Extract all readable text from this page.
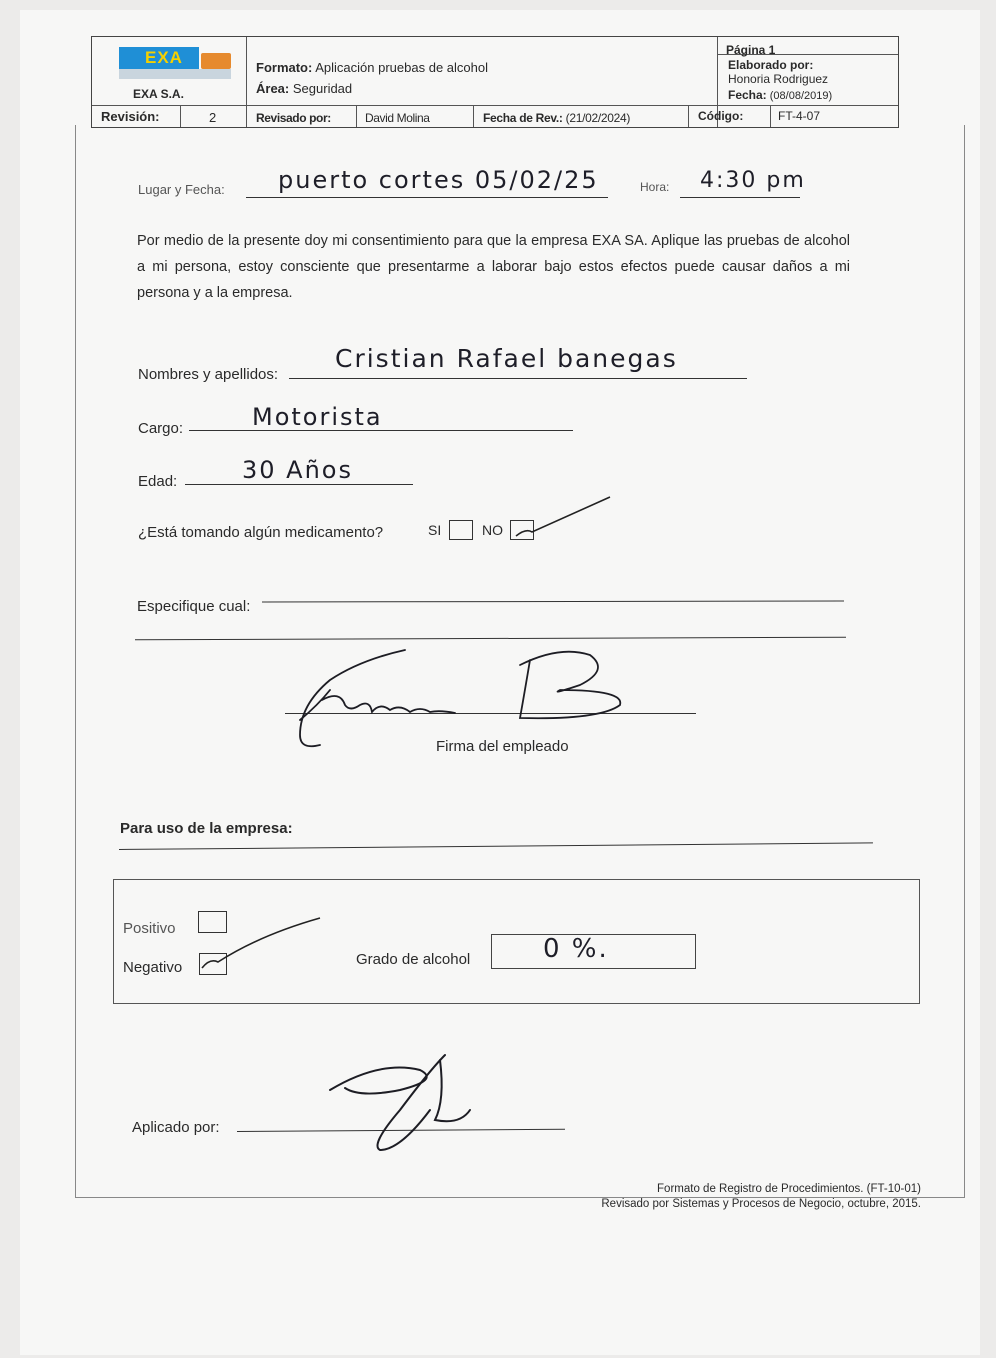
EXA
EXA S.A.
Formato: Aplicación pruebas de alcohol
Área: Seguridad
Página 1
Elaborado por:
Honoria Rodriguez
Fecha: (08/08/2019)
Revisión:	2	Revisado por:	David Molina	Fecha de Rev.: (21/02/2024)	Código:	FT-4-07
Lugar y Fecha: puerto cortes 05/02/25	Hora: 4:30 pm
Por medio de la presente doy mi consentimiento para que la empresa EXA SA. Aplique las pruebas de alcohol a mi persona, estoy consciente que presentarme a laborar bajo estos efectos puede causar daños a mi persona y a la empresa.
Nombres y apellidos:
Cristian Rafael banegas
Cargo:	Motorista
Edad:	30 Años
¿Está tomando algún medicamento?	SI	NO
Especifique cual:
Firma del empleado
Para uso de la empresa:
Positivo
Negativo	Grado de alcohol	0 %.
Aplicado por:
Formato de Registro de Procedimientos. (FT-10-01)
Revisado por Sistemas y Procesos de Negocio, octubre, 2015.
